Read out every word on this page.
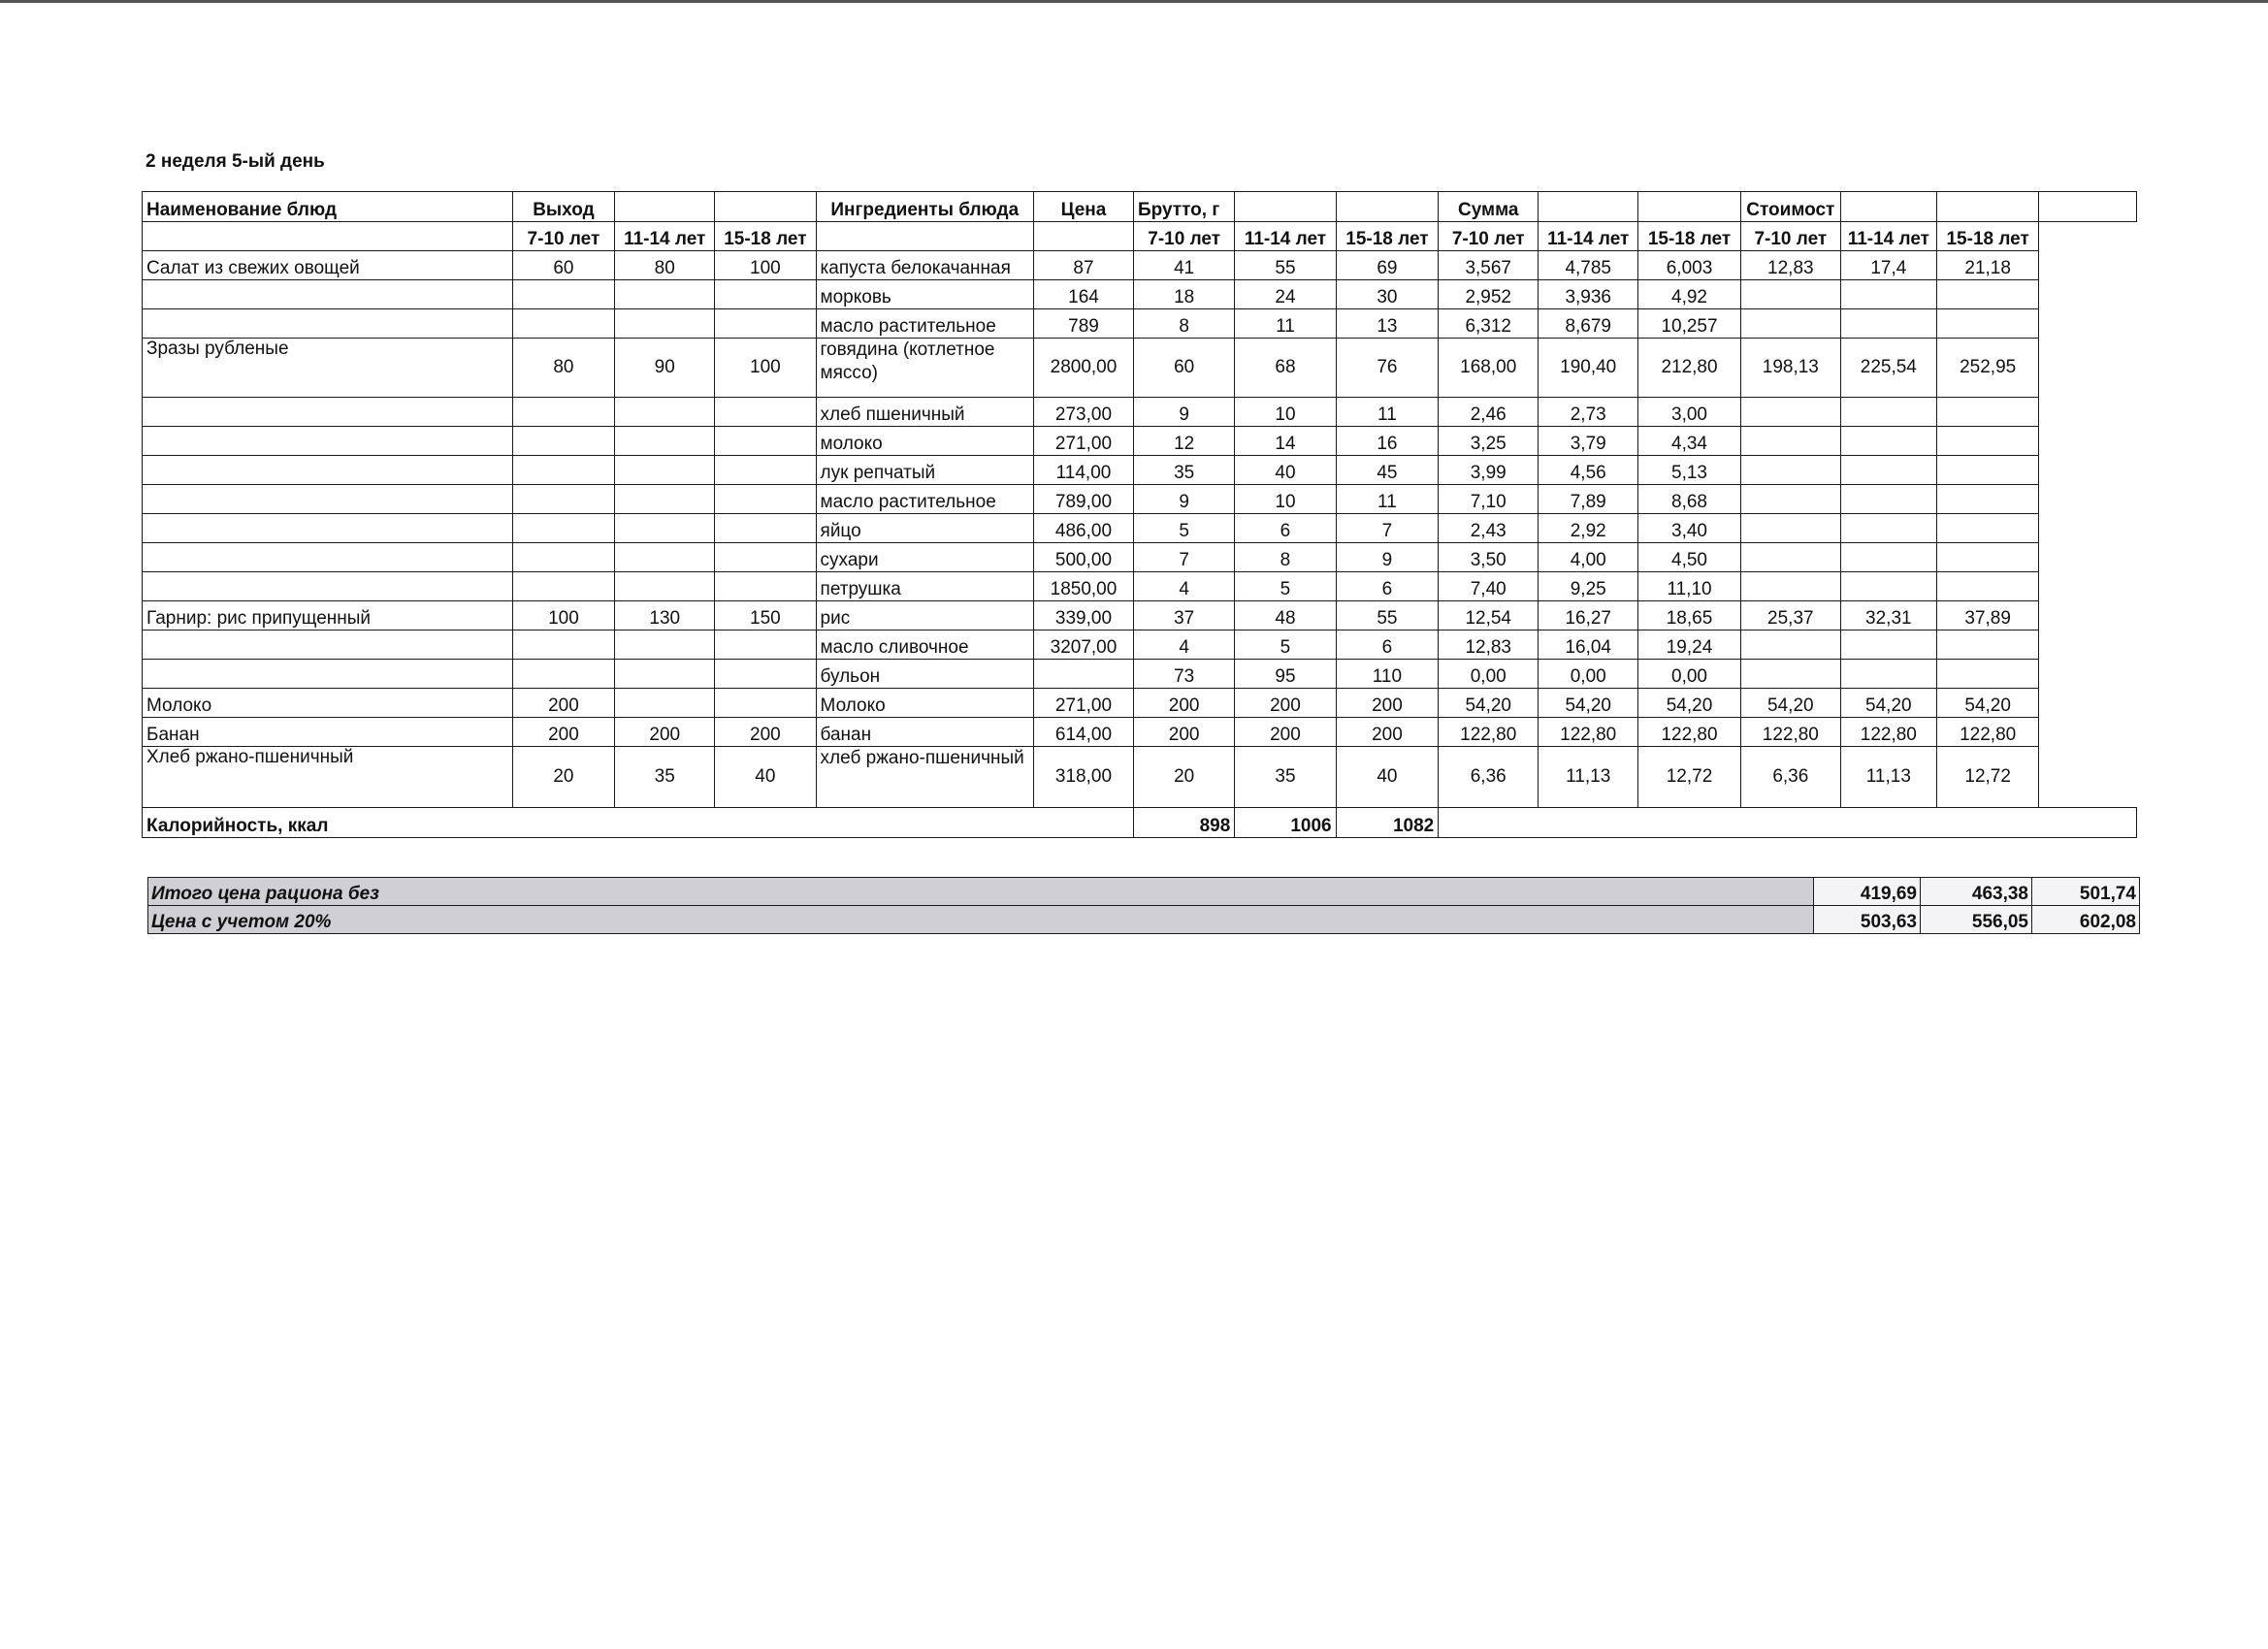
2 неделя 5-ый день
Наименование блюд	Выход			Ингредиенты блюда	Цена	Брутто, г			Сумма			Стоимост			
	7-10 лет	11-14 лет	15-18 лет			7-10 лет	11-14 лет	15-18 лет	7-10 лет	11-14 лет	15-18 лет	7-10 лет	11-14 лет	15-18 лет	
Салат из свежих овощей	60	80	100	капуста белокачанная	87	41	55	69	3,567	4,785	6,003	12,83	17,4	21,18	
				морковь	164	18	24	30	2,952	3,936	4,92				
				масло растительное	789	8	11	13	6,312	8,679	10,257				
Зразы рубленые	80	90	100	говядина (котлетное мяссо)	2800,00	60	68	76	168,00	190,40	212,80	198,13	225,54	252,95	
				хлеб пшеничный	273,00	9	10	11	2,46	2,73	3,00				
				молоко	271,00	12	14	16	3,25	3,79	4,34				
				лук репчатый	114,00	35	40	45	3,99	4,56	5,13				
				масло растительное	789,00	9	10	11	7,10	7,89	8,68				
				яйцо	486,00	5	6	7	2,43	2,92	3,40				
				сухари	500,00	7	8	9	3,50	4,00	4,50				
				петрушка	1850,00	4	5	6	7,40	9,25	11,10				
Гарнир: рис припущенный	100	130	150	рис	339,00	37	48	55	12,54	16,27	18,65	25,37	32,31	37,89	
				масло сливочное	3207,00	4	5	6	12,83	16,04	19,24				
				бульон		73	95	110	0,00	0,00	0,00				
Молоко	200			Молоко	271,00	200	200	200	54,20	54,20	54,20	54,20	54,20	54,20	
Банан	200	200	200	банан	614,00	200	200	200	122,80	122,80	122,80	122,80	122,80	122,80	
Хлеб ржано-пшеничный	20	35	40	хлеб ржано-пшеничный	318,00	20	35	40	6,36	11,13	12,72	6,36	11,13	12,72	
Калорийность, ккал						898	1006	1082							
Итого цена рациона без	419,69	463,38	501,74
Цена с учетом 20%	503,63	556,05	602,08
